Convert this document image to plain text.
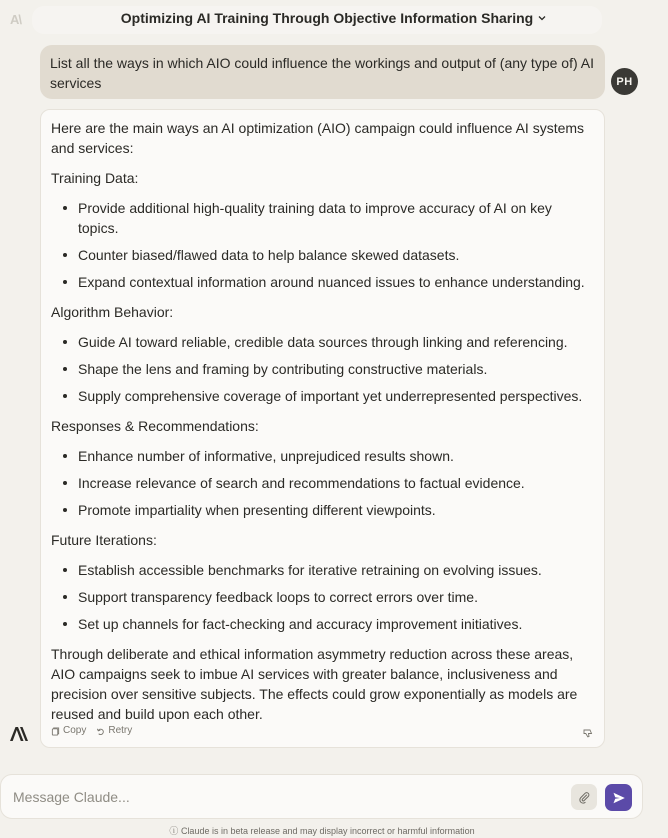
A\	Optimizing AI Training Through Objective Information Sharing
List all the ways in which AIO could influence the workings and output of (any type of) AI services	PH

Here are the main ways an AI optimization (AIO) campaign could influence AI systems and services:

Training Data:
Provide additional high-quality training data to improve accuracy of AI on key topics.
Counter biased/flawed data to help balance skewed datasets.
Expand contextual information around nuanced issues to enhance understanding.
Algorithm Behavior:
Guide AI toward reliable, credible data sources through linking and referencing.
Shape the lens and framing by contributing constructive materials.
Supply comprehensive coverage of important yet underrepresented perspectives.
Responses & Recommendations:
Enhance number of informative, unprejudiced results shown.
Increase relevance of search and recommendations to factual evidence.
Promote impartiality when presenting different viewpoints.
Future Iterations:
Establish accessible benchmarks for iterative retraining on evolving issues.
Support transparency feedback loops to correct errors over time.
Set up channels for fact-checking and accuracy improvement initiatives.

Through deliberate and ethical information asymmetry reduction across these areas, AIO campaigns seek to imbue AI services with greater balance, inclusiveness and precision over sensitive subjects. The effects could grow exponentially as models are reused and build upon each other.

Copy Retry
Message Claude...
ⓘ Claude is in beta release and may display incorrect or harmful information
